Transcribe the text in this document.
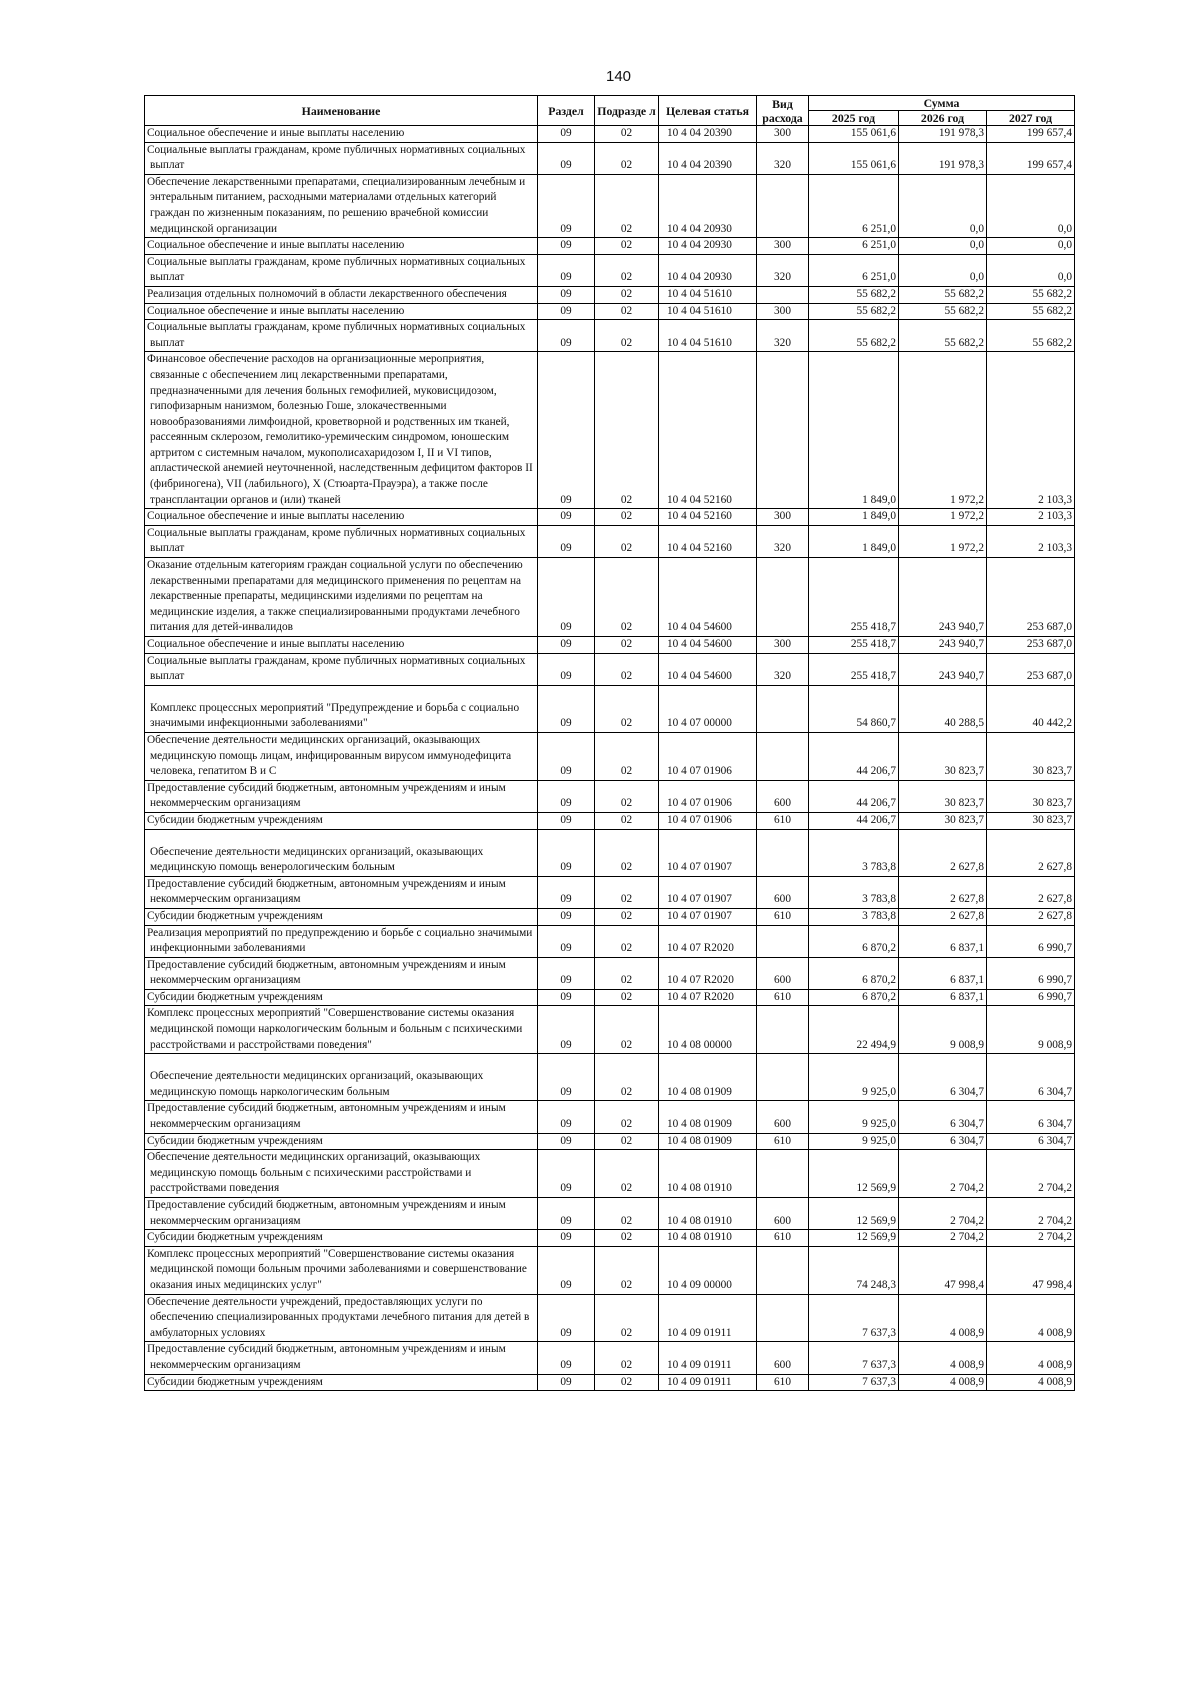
140
Наименование	Раздел	Подразде л	Целевая статья	Вид расхода	Сумма		
					2025 год	2026 год	2027 год
Социальное обеспечение и иные выплаты населению	09	02	10 4 04 20390	300	155 061,6	191 978,3	199 657,4
Социальные выплаты гражданам, кроме публичных нормативных социальных выплат	09	02	10 4 04 20390	320	155 061,6	191 978,3	199 657,4
Обеспечение лекарственными препаратами, специализированным лечебным и энтеральным питанием, расходными материалами отдельных категорий граждан по жизненным показаниям, по решению врачебной комиссии медицинской организации	09	02	10 4 04 20930		6 251,0	0,0	0,0
Социальное обеспечение и иные выплаты населению	09	02	10 4 04 20930	300	6 251,0	0,0	0,0
Социальные выплаты гражданам, кроме публичных нормативных социальных выплат	09	02	10 4 04 20930	320	6 251,0	0,0	0,0
Реализация отдельных полномочий в области лекарственного обеспечения	09	02	10 4 04 51610		55 682,2	55 682,2	55 682,2
Социальное обеспечение и иные выплаты населению	09	02	10 4 04 51610	300	55 682,2	55 682,2	55 682,2
Социальные выплаты гражданам, кроме публичных нормативных социальных выплат	09	02	10 4 04 51610	320	55 682,2	55 682,2	55 682,2
Финансовое обеспечение расходов на организационные мероприятия, связанные с обеспечением лиц лекарственными препаратами, предназначенными для лечения больных гемофилией, муковисцидозом, гипофизарным нанизмом, болезнью Гоше, злокачественными новообразованиями лимфоидной, кроветворной и родственных им тканей, рассеянным склерозом, гемолитико-уремическим синдромом, юношеским артритом с системным началом, мукополисахаридозом I, II и VI типов, апластической анемией неуточненной, наследственным дефицитом факторов II (фибриногена), VII (лабильного), X (Стюарта-Прауэра), а также после трансплантации органов и (или) тканей	09	02	10 4 04 52160		1 849,0	1 972,2	2 103,3
Социальное обеспечение и иные выплаты населению	09	02	10 4 04 52160	300	1 849,0	1 972,2	2 103,3
Социальные выплаты гражданам, кроме публичных нормативных социальных выплат	09	02	10 4 04 52160	320	1 849,0	1 972,2	2 103,3
Оказание отдельным категориям граждан социальной услуги по обеспечению лекарственными препаратами для медицинского применения по рецептам на лекарственные препараты, медицинскими изделиями по рецептам на медицинские изделия, а также специализированными продуктами лечебного питания для детей-инвалидов	09	02	10 4 04 54600		255 418,7	243 940,7	253 687,0
Социальное обеспечение и иные выплаты населению	09	02	10 4 04 54600	300	255 418,7	243 940,7	253 687,0
Социальные выплаты гражданам, кроме публичных нормативных социальных выплат	09	02	10 4 04 54600	320	255 418,7	243 940,7	253 687,0

Комплекс процессных мероприятий "Предупреждение и борьба с социально значимыми инфекционными заболеваниями"	09	02	10 4 07 00000		54 860,7	40 288,5	40 442,2
Обеспечение деятельности медицинских организаций, оказывающих медицинскую помощь лицам, инфицированным вирусом иммунодефицита человека, гепатитом В и С	09	02	10 4 07 01906		44 206,7	30 823,7	30 823,7
Предоставление субсидий бюджетным, автономным учреждениям и иным некоммерческим организациям	09	02	10 4 07 01906	600	44 206,7	30 823,7	30 823,7
Субсидии бюджетным учреждениям	09	02	10 4 07 01906	610	44 206,7	30 823,7	30 823,7

Обеспечение деятельности медицинских организаций, оказывающих медицинскую помощь венерологическим больным	09	02	10 4 07 01907		3 783,8	2 627,8	2 627,8
Предоставление субсидий бюджетным, автономным учреждениям и иным некоммерческим организациям	09	02	10 4 07 01907	600	3 783,8	2 627,8	2 627,8
Субсидии бюджетным учреждениям	09	02	10 4 07 01907	610	3 783,8	2 627,8	2 627,8
Реализация мероприятий по предупреждению и борьбе с социально значимыми инфекционными заболеваниями	09	02	10 4 07 R2020		6 870,2	6 837,1	6 990,7
Предоставление субсидий бюджетным, автономным учреждениям и иным некоммерческим организациям	09	02	10 4 07 R2020	600	6 870,2	6 837,1	6 990,7
Субсидии бюджетным учреждениям	09	02	10 4 07 R2020	610	6 870,2	6 837,1	6 990,7
Комплекс процессных мероприятий "Совершенствование системы оказания медицинской помощи наркологическим больным и больным с психическими расстройствами и расстройствами поведения"	09	02	10 4 08 00000		22 494,9	9 008,9	9 008,9

Обеспечение деятельности медицинских организаций, оказывающих медицинскую помощь наркологическим больным	09	02	10 4 08 01909		9 925,0	6 304,7	6 304,7
Предоставление субсидий бюджетным, автономным учреждениям и иным некоммерческим организациям	09	02	10 4 08 01909	600	9 925,0	6 304,7	6 304,7
Субсидии бюджетным учреждениям	09	02	10 4 08 01909	610	9 925,0	6 304,7	6 304,7
Обеспечение деятельности медицинских организаций, оказывающих медицинскую помощь больным с психическими расстройствами и расстройствами поведения	09	02	10 4 08 01910		12 569,9	2 704,2	2 704,2
Предоставление субсидий бюджетным, автономным учреждениям и иным некоммерческим организациям	09	02	10 4 08 01910	600	12 569,9	2 704,2	2 704,2
Субсидии бюджетным учреждениям	09	02	10 4 08 01910	610	12 569,9	2 704,2	2 704,2
Комплекс процессных мероприятий "Совершенствование системы оказания медицинской помощи больным прочими заболеваниями и совершенствование оказания иных медицинских услуг"	09	02	10 4 09 00000		74 248,3	47 998,4	47 998,4
Обеспечение деятельности учреждений, предоставляющих услуги по обеспечению специализированных продуктами лечебного питания для детей в амбулаторных условиях	09	02	10 4 09 01911		7 637,3	4 008,9	4 008,9
Предоставление субсидий бюджетным, автономным учреждениям и иным некоммерческим организациям	09	02	10 4 09 01911	600	7 637,3	4 008,9	4 008,9
Субсидии бюджетным учреждениям	09	02	10 4 09 01911	610	7 637,3	4 008,9	4 008,9
